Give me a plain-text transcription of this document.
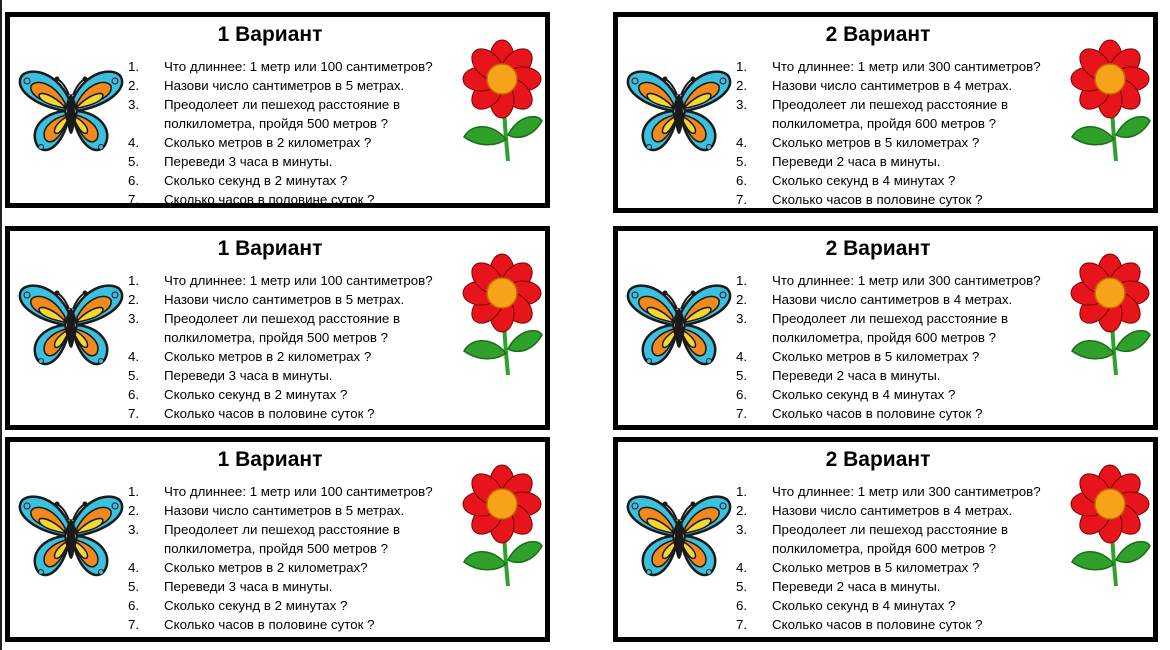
1 Вариант
1.	Что длиннее: 1 метр или 100 сантиметров?
2.	Назови число сантиметров в 5 метрах.
3.	Преодолеет ли пешеход расстояние в полкилометра, пройдя 500 метров ?
4.	Сколько метров в 2 километрах ?
5.	Переведи 3 часа в минуты.
6.	Сколько секунд в 2 минутах ?
7.	Сколько часов в половине суток ?
2 Вариант
1.	Что длиннее: 1 метр или 300 сантиметров?
2.	Назови число сантиметров в 4 метрах.
3.	Преодолеет ли пешеход расстояние в полкилометра, пройдя 600 метров ?
4.	Сколько метров в 5 километрах ?
5.	Переведи 2 часа в минуты.
6.	Сколько секунд в 4 минутах ?
7.	Сколько часов в половине суток ?
1 Вариант
1.	Что длиннее: 1 метр или 100 сантиметров?
2.	Назови число сантиметров в 5 метрах.
3.	Преодолеет ли пешеход расстояние в полкилометра, пройдя 500 метров ?
4.	Сколько метров в 2 километрах ?
5.	Переведи 3 часа в минуты.
6.	Сколько секунд в 2 минутах ?
7.	Сколько часов в половине суток ?
2 Вариант
1.	Что длиннее: 1 метр или 300 сантиметров?
2.	Назови число сантиметров в 4 метрах.
3.	Преодолеет ли пешеход расстояние в полкилометра, пройдя 600 метров ?
4.	Сколько метров в 5 километрах ?
5.	Переведи 2 часа в минуты.
6.	Сколько секунд в 4 минутах ?
7.	Сколько часов в половине суток ?
1 Вариант
1.	Что длиннее: 1 метр или 100 сантиметров?
2.	Назови число сантиметров в 5 метрах.
3.	Преодолеет ли пешеход расстояние в полкилометра, пройдя 500 метров ?
4.	Сколько метров в 2 километрах?
5.	Переведи 3 часа в минуты.
6.	Сколько секунд в 2 минутах ?
7.	Сколько часов в половине суток ?
2 Вариант
1.	Что длиннее: 1 метр или 300 сантиметров?
2.	Назови число сантиметров в 4 метрах.
3.	Преодолеет ли пешеход расстояние в полкилометра, пройдя 600 метров ?
4.	Сколько метров в 5 километрах ?
5.	Переведи 2 часа в минуты.
6.	Сколько секунд в 4 минутах ?
7.	Сколько часов в половине суток ?
